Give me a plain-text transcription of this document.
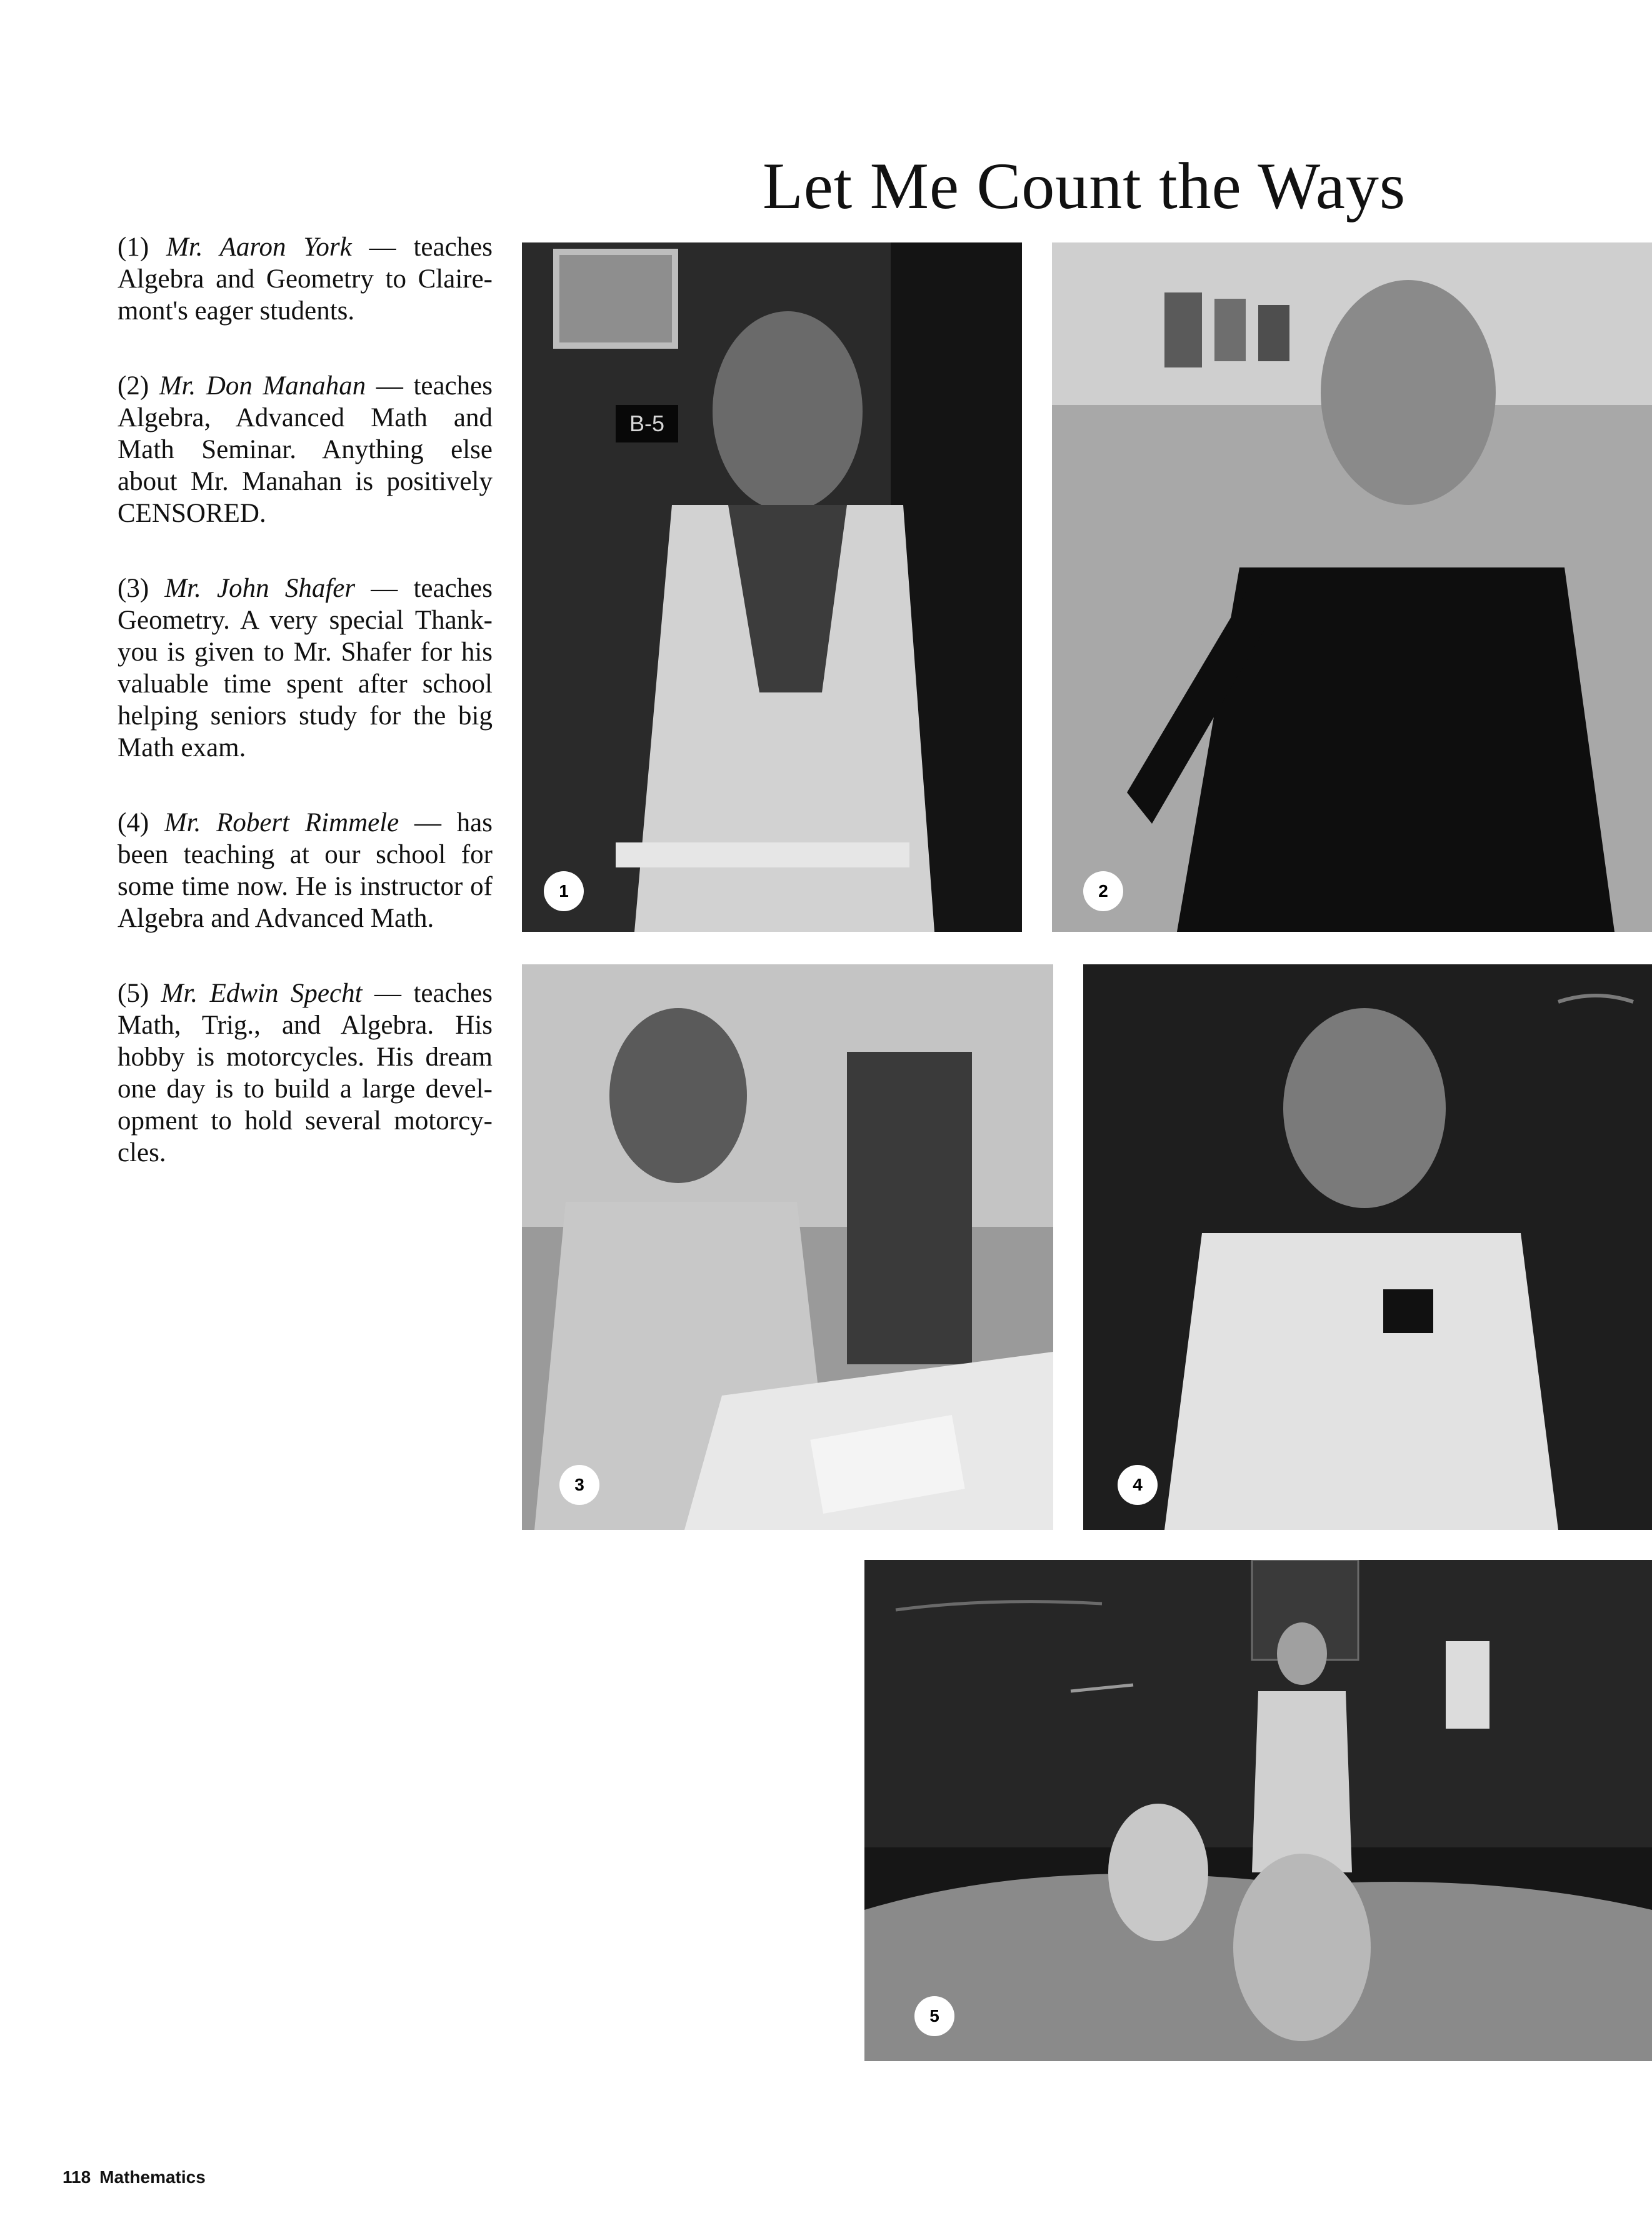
Let Me Count the Ways

(1) Mr. Aaron York — teaches Algebra and Geometry to Claire-mont's eager students.

(2) Mr. Don Manahan — teaches Algebra, Advanced Math and Math Seminar. Anything else about Mr. Manahan is positively CENSORED.

(3) Mr. John Shafer — teaches Geometry. A very special Thank-you is given to Mr. Shafer for his valuable time spent after school helping seniors study for the big Math exam.

(4) Mr. Robert Rimmele — has been teaching at our school for some time now. He is instructor of Algebra and Advanced Math.

(5) Mr. Edwin Specht — teaches Math, Trig., and Algebra. His hobby is motorcycles. His dream one day is to build a large devel-opment to hold several motorcy-cles.

B-5
1	2
3	4
5
118 Mathematics
